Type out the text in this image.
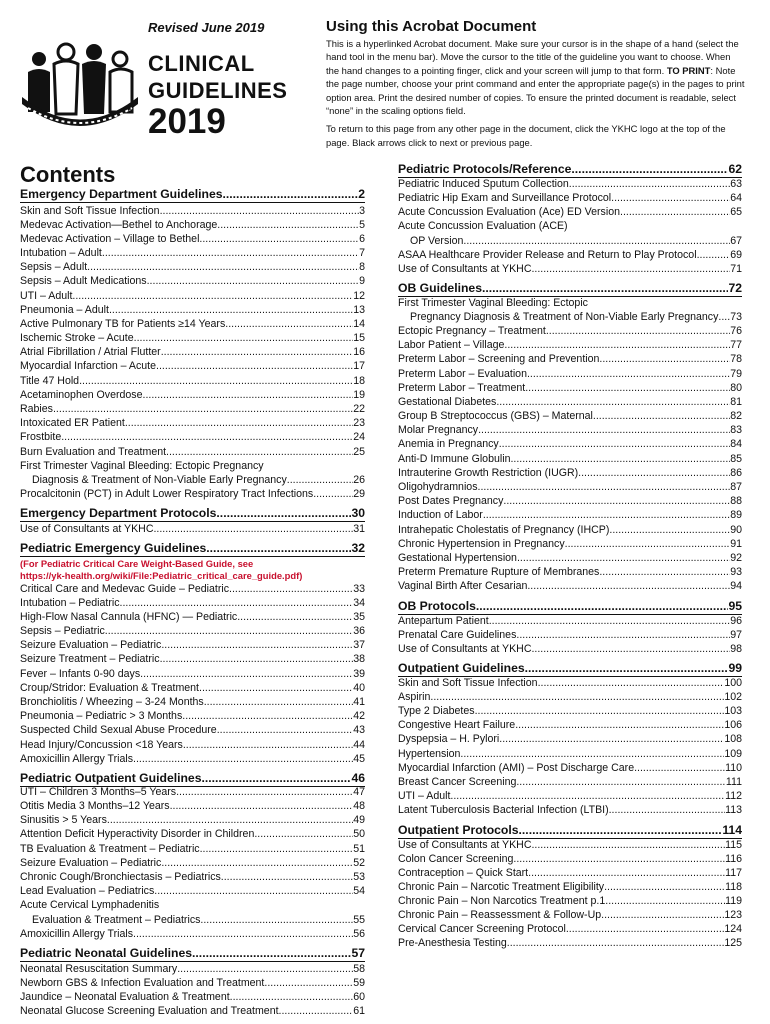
Revised June 2019
CLINICAL
GUIDELINES
2019
Using this Acrobat Document

This is a hyperlinked Acrobat document. Make sure your cursor is in the shape of a hand (select the hand tool in the menu bar). Move the cursor to the title of the guideline you want to choose. When the hand changes to a pointing finger, click and your screen will jump to that form. TO PRINT: Note the page number, choose your print command and enter the appropriate page(s) in the pages to print option area. Print the desired number of copies. To ensure the printed document is readable, select “none” in the scaling options field.

To return to this page from any other page in the document, click the YKHC logo at the top of the page. Black arrows click to next or previous page.

Contents
Emergency Department Guidelines .....	2
Skin and Soft Tissue Infection .....	3
Medevac Activation—Bethel to Anchorage .....	5
Medevac Activation – Village to Bethel .....	6
Intubation – Adult .....	7
Sepsis – Adult .....	8
Sepsis – Adult Medications .....	9
UTI – Adult .....	12
Pneumonia – Adult .....	13
Active Pulmonary TB for Patients ≥14 Years .....	14
Ischemic Stroke – Acute .....	15
Atrial Fibrillation / Atrial Flutter .....	16
Myocardial Infarction – Acute .....	17
Title 47 Hold .....	18
Acetaminophen Overdose .....	19
Rabies .....	22
Intoxicated ER Patient .....	23
Frostbite .....	24
Burn Evaluation and Treatment .....	25
First Trimester Vaginal Bleeding: Ectopic Pregnancy
Diagnosis & Treatment of Non-Viable Early Pregnancy .....	26
Procalcitonin (PCT) in Adult Lower Respiratory Tract Infections .....	29
Emergency Department Protocols .....	30
Use of Consultants at YKHC .....	31
Pediatric Emergency Guidelines .....	32
(For Pediatric Critical Care Weight-Based Guide, see
https://yk-health.org/wiki/File:Pediatric_critical_care_guide.pdf)
Critical Care and Medevac Guide – Pediatric .....	33
Intubation – Pediatric .....	34
High-Flow Nasal Cannula (HFNC) — Pediatric .....	35
Sepsis – Pediatric .....	36
Seizure Evaluation – Pediatric .....	37
Seizure Treatment – Pediatric .....	38
Fever – Infants 0-90 days .....	39
Croup/Stridor: Evaluation & Treatment .....	40
Bronchiolitis / Wheezing – 3-24 Months .....	41
Pneumonia – Pediatric > 3 Months .....	42
Suspected Child Sexual Abuse Procedure .....	43
Head Injury/Concussion <18 Years .....	44
Amoxicillin Allergy Trials .....	45
Pediatric Outpatient Guidelines .....	46
UTI – Children 3 Months–5 Years .....	47
Otitis Media 3 Months–12 Years .....	48
Sinusitis > 5 Years .....	49
Attention Deficit Hyperactivity Disorder in Children .....	50
TB Evaluation & Treatment – Pediatric .....	51
Seizure Evaluation – Pediatric .....	52
Chronic Cough/Bronchiectasis – Pediatrics .....	53
Lead Evaluation – Pediatrics .....	54
Acute Cervical Lymphadenitis
Evaluation & Treatment – Pediatrics .....	55
Amoxicillin Allergy Trials .....	56
Pediatric Neonatal Guidelines .....	57
Neonatal Resuscitation Summary .....	58
Newborn GBS & Infection Evaluation and Treatment .....	59
Jaundice – Neonatal Evaluation & Treatment .....	60
Neonatal Glucose Screening Evaluation and Treatment .....	61
Pediatric Protocols/Reference .....	62
Pediatric Induced Sputum Collection .....	63
Pediatric Hip Exam and Surveillance Protocol .....	64
Acute Concussion Evaluation (Ace) ED Version .....	65
Acute Concussion Evaluation (ACE)
OP Version .....	67
ASAA Healthcare Provider Release and Return to Play Protocol .....	69
Use of Consultants at YKHC .....	71
OB Guidelines .....	72
First Trimester Vaginal Bleeding: Ectopic
Pregnancy Diagnosis & Treatment of Non-Viable Early Pregnancy ..... 73
Ectopic Pregnancy – Treatment .....	76
Labor Patient – Village .....	77
Preterm Labor – Screening and Prevention .....	78
Preterm Labor – Evaluation .....	79
Preterm Labor – Treatment .....	80
Gestational Diabetes .....	81
Group B Streptococcus (GBS) – Maternal .....	82
Molar Pregnancy .....	83
Anemia in Pregnancy .....	84
Anti-D Immune Globulin .....	85
Intrauterine Growth Restriction (IUGR) .....	86
Oligohydramnios .....	87
Post Dates Pregnancy .....	88
Induction of Labor .....	89
Intrahepatic Cholestatis of Pregnancy (IHCP) .....	90
Chronic Hypertension in Pregnancy .....	91
Gestational Hypertension .....	92
Preterm Premature Rupture of Membranes .....	93
Vaginal Birth After Cesarian .....	94
OB Protocols .....	95
Antepartum Patient .....	96
Prenatal Care Guidelines .....	97
Use of Consultants at YKHC .....	98
Outpatient Guidelines .....	99
Skin and Soft Tissue Infection .....	100
Aspirin .....	102
Type 2 Diabetes .....	103
Congestive Heart Failure .....	106
Dyspepsia – H. Pylori .....	108
Hypertension .....	109
Myocardial Infarction (AMI) – Post Discharge Care .....	110
Breast Cancer Screening .....	111
UTI – Adult .....	112
Latent Tuberculosis Bacterial Infection (LTBI) .....	113
Outpatient Protocols .....	114
Use of Consultants at YKHC .....	115
Colon Cancer Screening .....	116
Contraception – Quick Start .....	117
Chronic Pain – Narcotic Treatment Eligibility .....	118
Chronic Pain – Non Narcotics Treatment p.1 .....	119
Chronic Pain – Reassessment & Follow-Up .....	123
Cervical Cancer Screening Protocol .....	124
Pre-Anesthesia Testing .....	125
